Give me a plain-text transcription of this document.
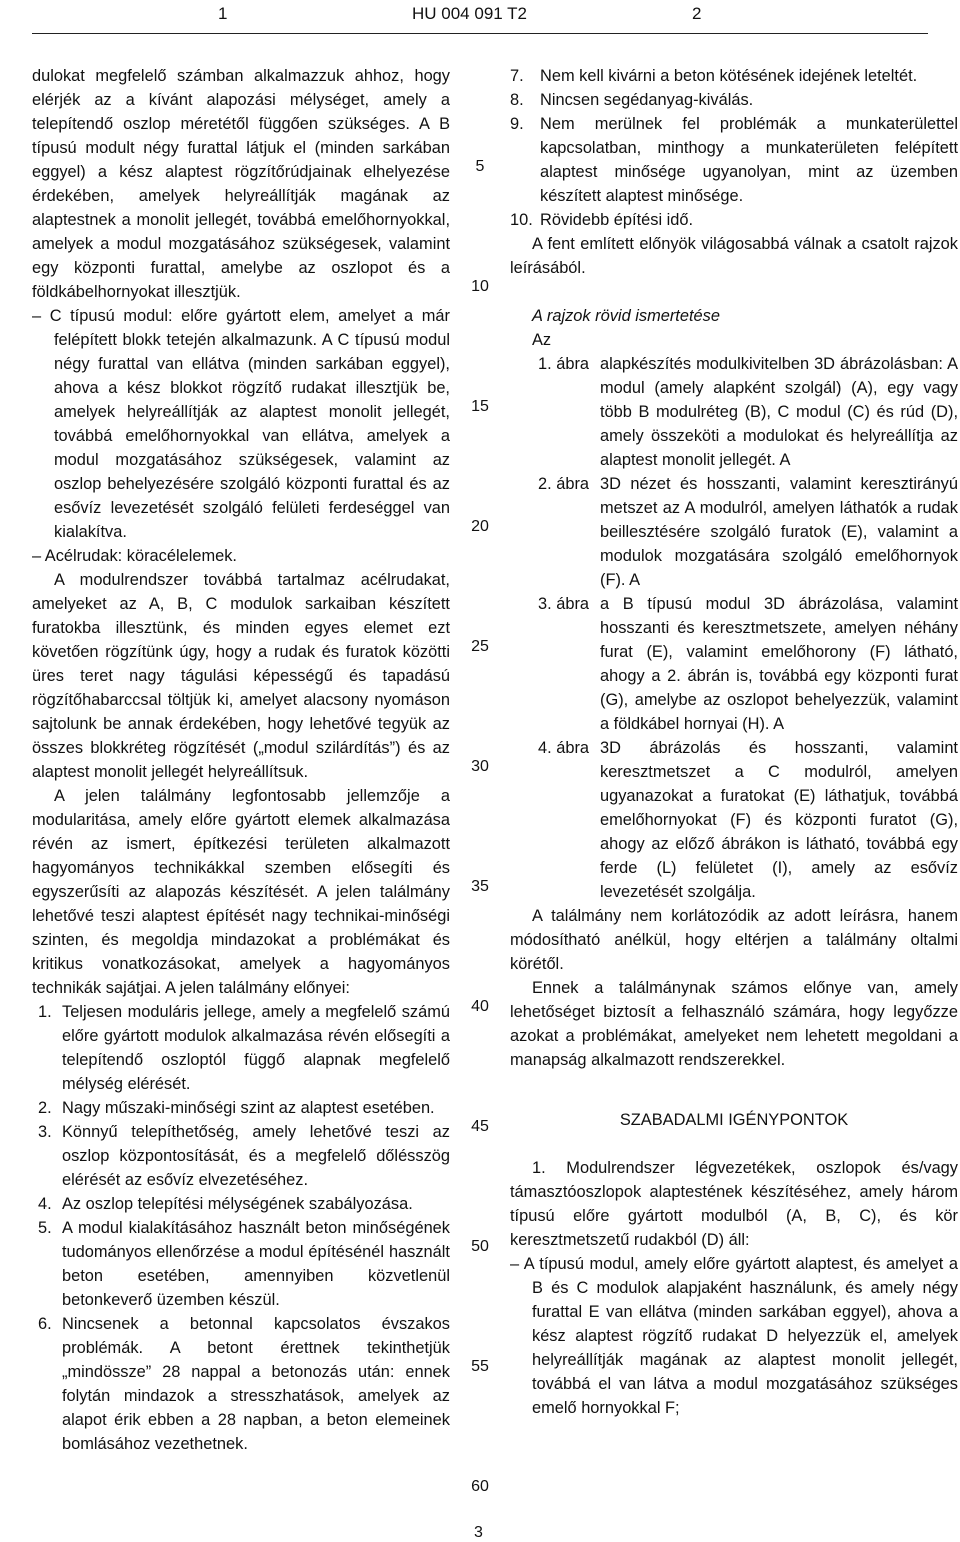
1	HU 004 091 T2	2

dulokat megfelelő számban alkalmazzuk ahhoz, hogy elérjék az a kívánt alapozási mélységet, amely a telepítendő oszlop méretétől függően szükséges. A B típusú modult négy furattal látjuk el (minden sarkában eggyel) a kész alaptest rögzítőrúdjainak elhelyezése érdekében, amelyek helyreállítják magának az alaptestnek a monolit jellegét, továbbá emelőhornyokkal, amelyek a modul mozgatásához szükségesek, valamint egy központi furattal, amelybe az oszlopot és a földkábelhornyokat illesztjük.

– C típusú modul: előre gyártott elem, amelyet a már felépített blokk tetején alkalmazunk. A C típusú modul négy furattal van ellátva (minden sarkában eggyel), ahova a kész blokkot rögzítő rudakat illesztjük be, amelyek helyreállítják az alaptest monolit jellegét, továbbá emelőhornyokkal van ellátva, amelyek a modul mozgatásához szükségesek, valamint az oszlop behelyezésére szolgáló központi furattal és az esővíz levezetését szolgáló felületi ferdeséggel van kialakítva.

– Acélrudak: köracélelemek.

A modulrendszer továbbá tartalmaz acélrudakat, amelyeket az A, B, C modulok sarkaiban készített furatokba illesztünk, és minden egyes elemet ezt követően rögzítünk úgy, hogy a rudak és furatok közötti üres teret nagy tágulási képességű és tapadású rögzítőhabarccsal töltjük ki, amelyet alacsony nyomáson sajtolunk be annak érdekében, hogy lehetővé tegyük az összes blokkréteg rögzítését („modul szilárdítás”) és az alaptest monolit jellegét helyreállítsuk.

A jelen találmány legfontosabb jellemzője a modularitása, amely előre gyártott elemek alkalmazása révén az ismert, építkezési területen alkalmazott hagyományos technikákkal szemben elősegíti és egyszerűsíti az alapozás készítését. A jelen találmány lehetővé teszi alaptest építését nagy technikai-minőségi szinten, és megoldja mindazokat a problémákat és kritikus vonatkozásokat, amelyek a hagyományos technikák sajátjai. A jelen találmány előnyei:

1. Teljesen moduláris jellege, amely a megfelelő számú előre gyártott modulok alkalmazása révén elősegíti a telepítendő oszloptól függő alapnak megfelelő mélység elérését.

2. Nagy műszaki-minőségi szint az alaptest esetében.

3. Könnyű telepíthetőség, amely lehetővé teszi az oszlop központosítását, és a megfelelő dőlésszög elérését az esővíz elvezetéséhez.

4. Az oszlop telepítési mélységének szabályozása.

5. A modul kialakításához használt beton minőségének tudományos ellenőrzése a modul építésénél használt beton esetében, amennyiben közvetlenül betonkeverő üzemben készül.

6. Nincsenek a betonnal kapcsolatos évszakos problémák. A betont érettnek tekinthetjük „mindösszе” 28 nappal a betonozás után: ennek folytán mindazok a stresszhatások, amelyek az alapot érik ebben a 28 napban, a beton elemeinek bomlásához vezethetnek.

7. Nem kell kivárni a beton kötésének idejének leteltét.

8. Nincsen segédanyag-kiválás.

9. Nem merülnek fel problémák a munkaterülettel kapcsolatban, minthogy a munkaterületen felépített alaptest minősége ugyanolyan, mint az üzemben készített alaptest minősége.

10. Rövidebb építési idő.

A fent említett előnyök világosabbá válnak a csatolt rajzok leírásából.

A rajzok rövid ismertetése

Az

1. ábra alapkészítés modulkivitelben 3D ábrázolásban: A modul (amely alapként szolgál) (A), egy vagy több B modulréteg (B), C modul (C) és rúd (D), amely összeköti a modulokat és helyreállítja az alaptest monolit jellegét. A

2. ábra 3D nézet és hosszanti, valamint keresztirányú metszet az A modulról, amelyen láthatók a rudak beillesztésére szolgáló furatok (E), valamint a modulok mozgatására szolgáló emelőhornyok (F). A

3. ábra a B típusú modul 3D ábrázolása, valamint hosszanti és keresztmetszete, amelyen néhány furat (E), valamint emelőhorony (F) látható, ahogy a 2. ábrán is, továbbá egy központi furat (G), amelybe az oszlopot behelyezzük, valamint a földkábel hornyai (H). A

4. ábra 3D ábrázolás és hosszanti, valamint keresztmetszet a C modulról, amelyen ugyanazokat a furatokat (E) láthatjuk, továbbá emelőhornyokat (F) és központi furatot (G), ahogy az előző ábrákon is látható, továbbá egy ferde (L) felületet (I), amely az esővíz levezetését szolgálja.

A találmány nem korlátozódik az adott leírásra, hanem módosítható anélkül, hogy eltérjen a találmány oltalmi körétől.

Ennek a találmánynak számos előnye van, amely lehetőséget biztosít a felhasználó számára, hogy legyőzze azokat a problémákat, amelyeket nem lehetett megoldani a manapság alkalmazott rendszerekkel.

SZABADALMI IGÉNYPONTOK

1. Modulrendszer légvezetékek, oszlopok és/vagy támasztóoszlopok alaptestének készítéséhez, amely három típusú előre gyártott modulból (A, B, C), és kör keresztmetszetű rudakból (D) áll:

– A típusú modul, amely előre gyártott alaptest, és amelyet a B és C modulok alapjaként használunk, és amely négy furattal E van ellátva (minden sarkában eggyel), ahova a kész alaptest rögzítő rudakat D helyezzük el, amelyek helyreállítják magának az alaptest monolit jellegét, továbbá el van látva a modul mozgatásához szükséges emelő hornyokkal F;

5
10
15
20
25
30
35
40
45
50
55
60
3
